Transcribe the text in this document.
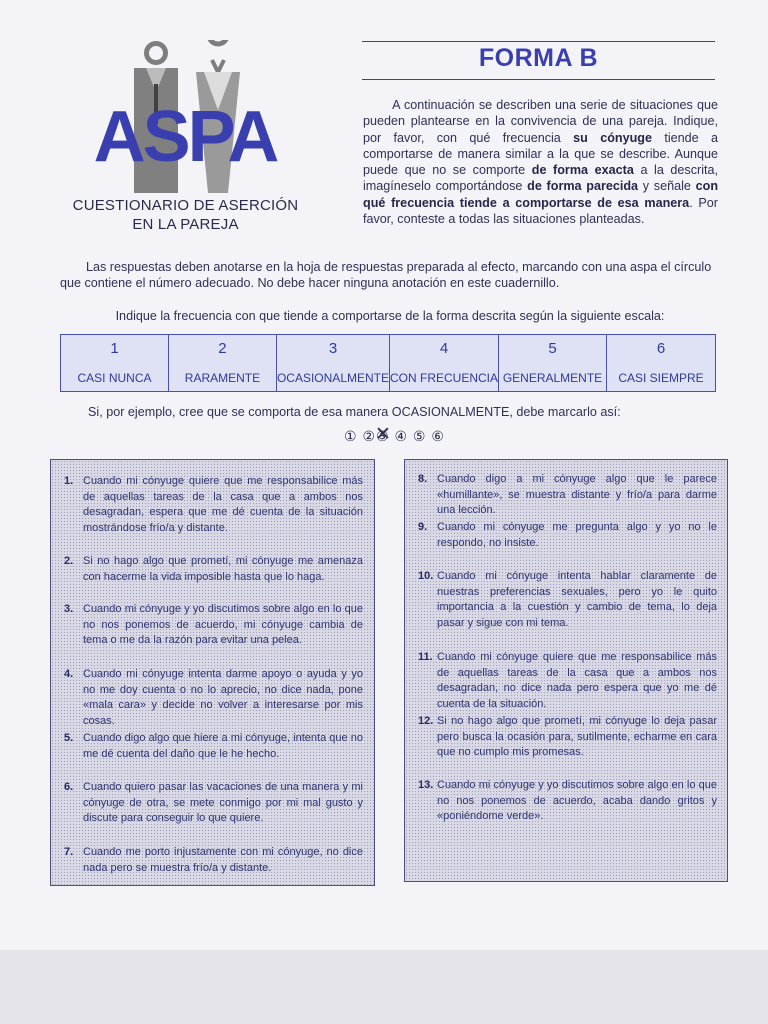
ASPA
CUESTIONARIO DE ASERCIÓN
EN LA PAREJA
FORMA B

A continuación se describen una serie de situaciones que pueden plantearse en la convivencia de una pareja. Indique, por favor, con qué frecuencia su cónyuge tiende a comportarse de manera similar a la que se describe. Aunque puede que no se comporte de forma exacta a la descrita, imagíneselo comportándose de forma parecida y señale con qué frecuencia tiende a comportarse de esa manera. Por favor, conteste a todas las situaciones planteadas.

Las respuestas deben anotarse en la hoja de respuestas preparada al efecto, marcando con una aspa el círculo que contiene el número adecuado. No debe hacer ninguna anotación en este cuadernillo.

Indique la frecuencia con que tiende a comportarse de la forma descrita según la siguiente escala:

1
CASI NUNCA
2
RARAMENTE
3
OCASIONALMENTE
4
CON FRECUENCIA
5
GENERALMENTE
6
CASI SIEMPRE

Si, por ejemplo, cree que se comporta de esa manera OCASIONALMENTE, debe marcarlo así:

① ②③ ✕ ④ ⑤ ⑥
1. Cuando mi cónyuge quiere que me responsabilice más de aquellas tareas de la casa que a ambos nos desagradan, espera que me dé cuenta de la situación mostrándose frío/a y distante.
2. Si no hago algo que prometí, mi cónyuge me amenaza con hacerme la vida imposible hasta que lo haga.
3. Cuando mi cónyuge y yo discutimos sobre algo en lo que no nos ponemos de acuerdo, mi cónyuge cambia de tema o me da la razón para evitar una pelea.
4. Cuando mi cónyuge intenta darme apoyo o ayuda y yo no me doy cuenta o no lo aprecio, no dice nada, pone «mala cara» y decide no volver a interesarse por mis cosas.
5. Cuando digo algo que hiere a mi cónyuge, intenta que no me dé cuenta del daño que le he hecho.
6. Cuando quiero pasar las vacaciones de una manera y mi cónyuge de otra, se mete conmigo por mi mal gusto y discute para conseguir lo que quiere.
7. Cuando me porto injustamente con mi cónyuge, no dice nada pero se muestra frío/a y distante.
8. Cuando digo a mi cónyuge algo que le parece «humillante», se muestra distante y frío/a para darme una lección.
9. Cuando mi cónyuge me pregunta algo y yo no le respondo, no insiste.
10. Cuando mi cónyuge intenta hablar claramente de nuestras preferencias sexuales, pero yo le quito importancia a la cuestión y cambio de tema, lo deja pasar y sigue con mi tema.
11. Cuando mi cónyuge quiere que me responsabilice más de aquellas tareas de la casa que a ambos nos desagradan, no dice nada pero espera que yo me dé cuenta de la situación.
12. Si no hago algo que prometí, mi cónyuge lo deja pasar pero busca la ocasión para, sutilmente, echarme en cara que no cumplo mis promesas.
13. Cuando mi cónyuge y yo discutimos sobre algo en lo que no nos ponemos de acuerdo, acaba dando gritos y «poniéndome verde».
